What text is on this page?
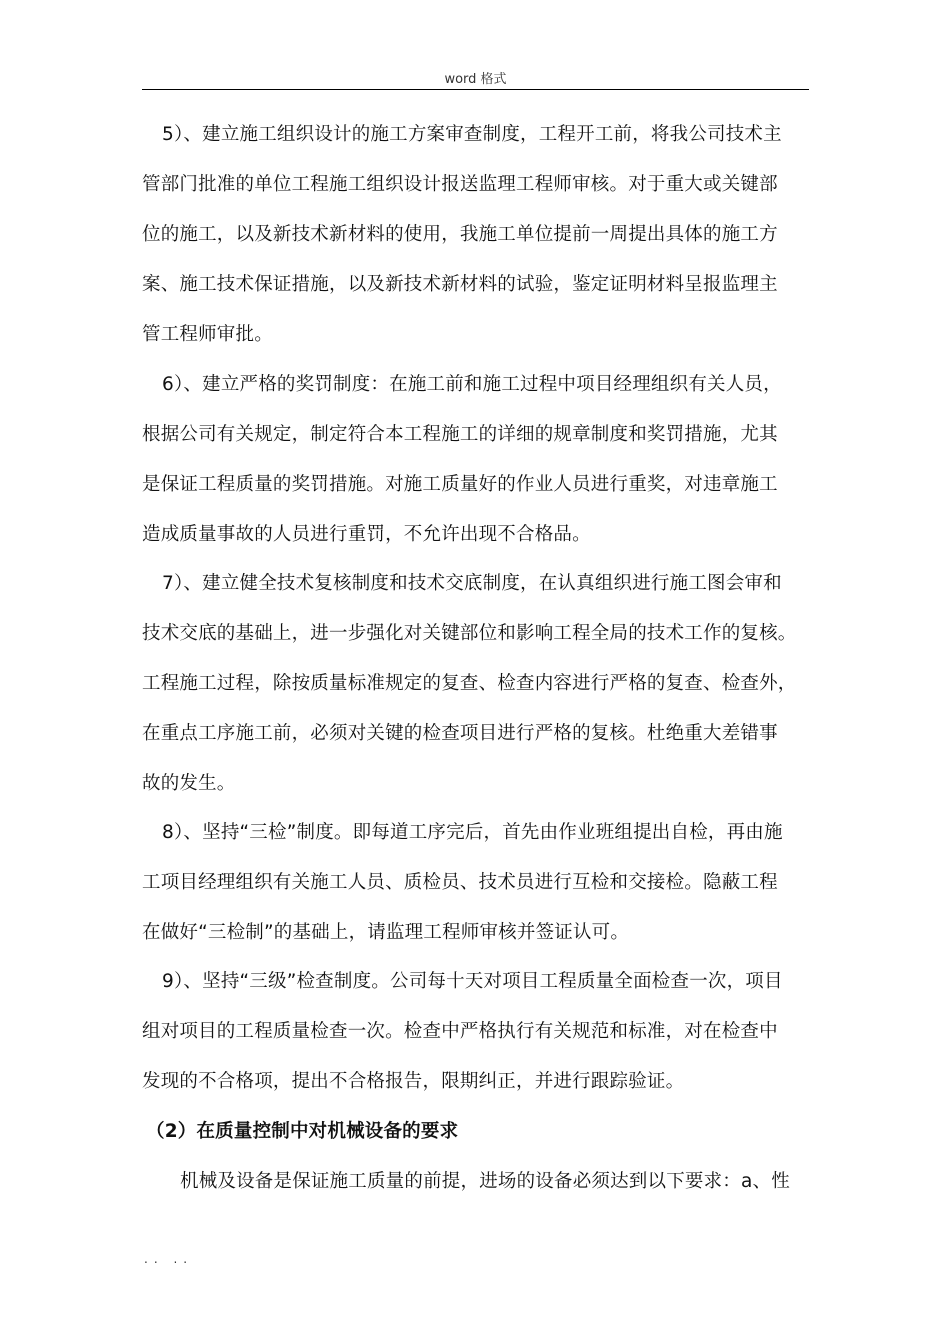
word 格式
5）、建立施工组织设计的施工方案审查制度，工程开工前，将我公司技术主
管部门批准的单位工程施工组织设计报送监理工程师审核。对于重大或关键部
位的施工，以及新技术新材料的使用，我施工单位提前一周提出具体的施工方
案、施工技术保证措施，以及新技术新材料的试验，鉴定证明材料呈报监理主
管工程师审批。
6）、建立严格的奖罚制度：在施工前和施工过程中项目经理组织有关人员，
根据公司有关规定，制定符合本工程施工的详细的规章制度和奖罚措施，尤其
是保证工程质量的奖罚措施。对施工质量好的作业人员进行重奖，对违章施工
造成质量事故的人员进行重罚，不允许出现不合格品。
7）、建立健全技术复核制度和技术交底制度，在认真组织进行施工图会审和
技术交底的基础上，进一步强化对关键部位和影响工程全局的技术工作的复核。
工程施工过程，除按质量标准规定的复查、检查内容进行严格的复查、检查外，
在重点工序施工前，必须对关键的检查项目进行严格的复核。杜绝重大差错事
故的发生。
8）、坚持“三检”制度。即每道工序完后，首先由作业班组提出自检，再由施
工项目经理组织有关施工人员、质检员、技术员进行互检和交接检。隐蔽工程
在做好“三检制”的基础上，请监理工程师审核并签证认可。
9）、坚持“三级”检查制度。公司每十天对项目工程质量全面检查一次，项目
组对项目的工程质量检查一次。检查中严格执行有关规范和标准，对在检查中
发现的不合格项，提出不合格报告，限期纠正，并进行跟踪验证。
（2）在质量控制中对机械设备的要求
机械及设备是保证施工质量的前提，进场的设备必须达到以下要求：a、性
.. ..
